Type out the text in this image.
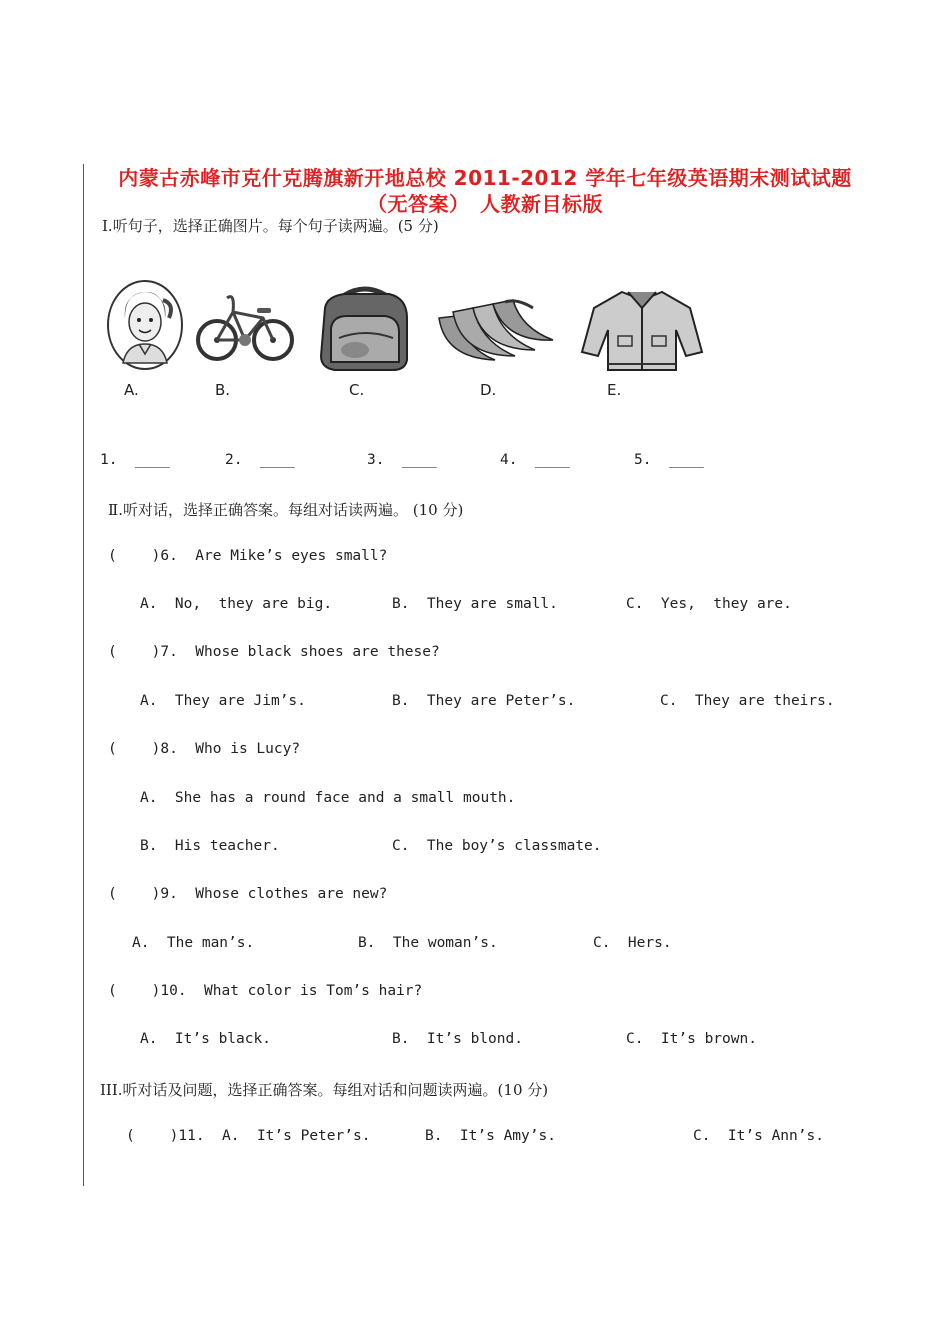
内蒙古赤峰市克什克腾旗新开地总校 2011-2012 学年七年级英语期末测试试题
（无答案）　人教新目标版
Ⅰ.听句子，选择正确图片。每个句子读两遍。(5 分)
A.	B.	C.	D.	E.
1.  ____	2.  ____	3.  ____	4.  ____	5.  ____
Ⅱ.听对话，选择正确答案。每组对话读两遍。 (10 分)
(    )6.  Are Mike’s eyes small?
A.  No,  they are big.	B.  They are small.	C.  Yes,  they are.
(    )7.  Whose black shoes are these?
A.  They are Jim’s.	B.  They are Peter’s.	C.  They are theirs.
(    )8.  Who is Lucy?
A.  She has a round face and a small mouth.
B.  His teacher.	C.  The boy’s classmate.
(    )9.  Whose clothes are new?
A.  The man’s.	B.  The woman’s.	C.  Hers.
(    )10.  What color is Tom’s hair?
A.  It’s black.	B.  It’s blond.	C.  It’s brown.
III.听对话及问题，选择正确答案。每组对话和问题读两遍。(10 分)
(    )11.  A.  It’s Peter’s.	B.  It’s Amy’s.	C.  It’s Ann’s.
